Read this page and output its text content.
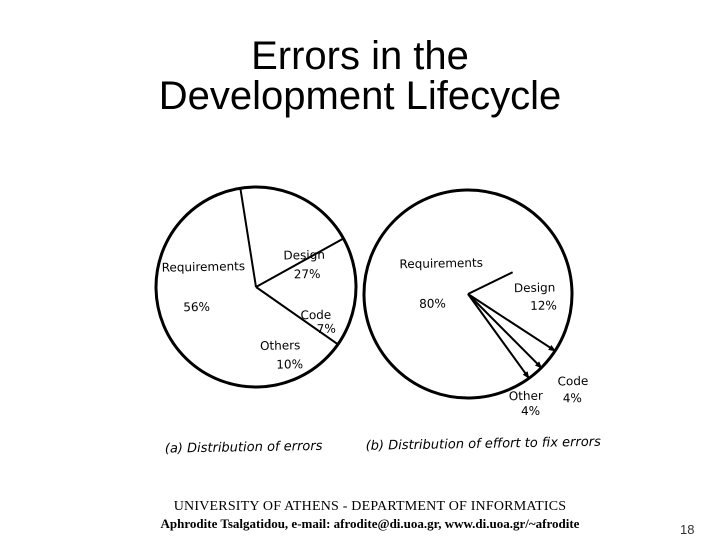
Errors in the
Development Lifecycle
Requirements
56%
Design
27%
Code
7%
Others
10%
(a) Distribution of errors
Requirements
80%
Design
12%
Code
4%
Other
4%
(b) Distribution of effort to fix errors
UNIVERSITY OF ATHENS - DEPARTMENT OF INFORMATICS
Aphrodite Tsalgatidou, e-mail: afrodite@di.uoa.gr, www.di.uoa.gr/~afrodite	18
